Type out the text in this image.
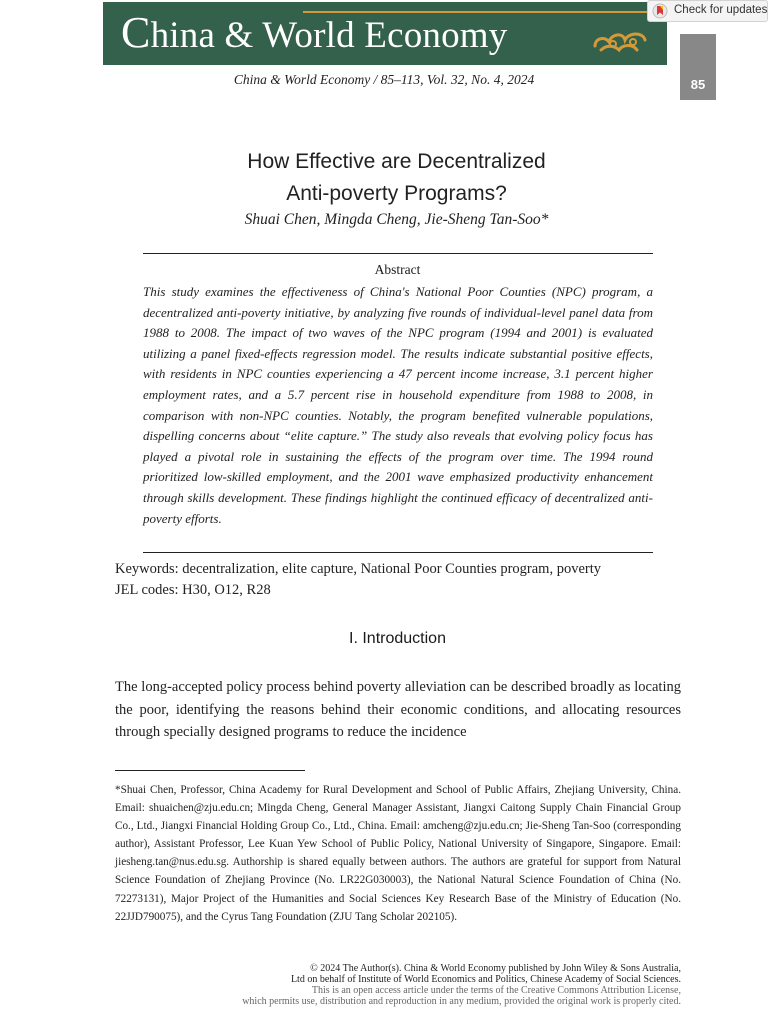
China & World Economy
Check for updates
85
China & World Economy / 85–113, Vol. 32, No. 4, 2024
How Effective are Decentralized
Anti-poverty Programs?
Shuai Chen, Mingda Cheng, Jie-Sheng Tan-Soo*
Abstract
This study examines the effectiveness of China's National Poor Counties (NPC) program, a decentralized anti-poverty initiative, by analyzing five rounds of individual-level panel data from 1988 to 2008. The impact of two waves of the NPC program (1994 and 2001) is evaluated utilizing a panel fixed-effects regression model. The results indicate substantial positive effects, with residents in NPC counties experiencing a 47 percent income increase, 3.1 percent higher employment rates, and a 5.7 percent rise in household expenditure from 1988 to 2008, in comparison with non-NPC counties. Notably, the program benefited vulnerable populations, dispelling concerns about “elite capture.” The study also reveals that evolving policy focus has played a pivotal role in sustaining the effects of the program over time. The 1994 round prioritized low-skilled employment, and the 2001 wave emphasized productivity enhancement through skills development. These findings highlight the continued efficacy of decentralized anti-poverty efforts.
Keywords: decentralization, elite capture, National Poor Counties program, poverty
JEL codes: H30, O12, R28
I. Introduction
The long-accepted policy process behind poverty alleviation can be described broadly as locating the poor, identifying the reasons behind their economic conditions, and allocating resources through specially designed programs to reduce the incidence
*Shuai Chen, Professor, China Academy for Rural Development and School of Public Affairs, Zhejiang University, China. Email: shuaichen@zju.edu.cn; Mingda Cheng, General Manager Assistant, Jiangxi Caitong Supply Chain Financial Group Co., Ltd., Jiangxi Financial Holding Group Co., Ltd., China. Email: amcheng@zju.edu.cn; Jie-Sheng Tan-Soo (corresponding author), Assistant Professor, Lee Kuan Yew School of Public Policy, National University of Singapore, Singapore. Email: jiesheng.tan@nus.edu.sg. Authorship is shared equally between authors. The authors are grateful for support from Natural Science Foundation of Zhejiang Province (No. LR22G030003), the National Natural Science Foundation of China (No. 72273131), Major Project of the Humanities and Social Sciences Key Research Base of the Ministry of Education (No. 22JJD790075), and the Cyrus Tang Foundation (ZJU Tang Scholar 202105).
© 2024 The Author(s). China & World Economy published by John Wiley & Sons Australia,
Ltd on behalf of Institute of World Economics and Politics, Chinese Academy of Social Sciences.
This is an open access article under the terms of the Creative Commons Attribution License,
which permits use, distribution and reproduction in any medium, provided the original work is properly cited.
